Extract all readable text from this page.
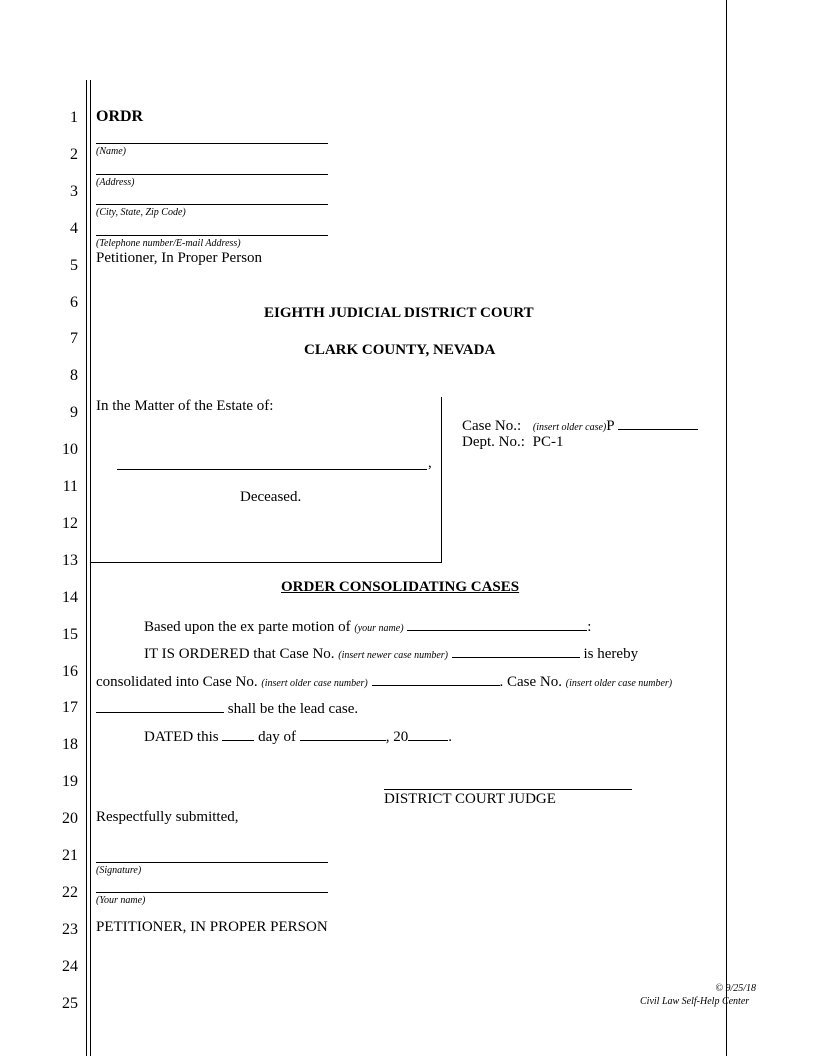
1
2
3
4
5
6
7
8
9
10
11
12
13
14
15
16
17
18
19
20
21
22
23
24
25
ORDR
(Name)
(Address)
(City, State, Zip Code)
(Telephone number/E-mail Address)
Petitioner, In Proper Person
EIGHTH JUDICIAL DISTRICT COURT
CLARK COUNTY, NEVADA
In the Matter of the Estate of:
,
Deceased.
Case No.: (insert older case)P
Dept. No.: PC-1
ORDER CONSOLIDATING CASES
Based upon the ex parte motion of (your name)	:
IT IS ORDERED that Case No. (insert newer case number)	is hereby
consolidated into Case No. (insert older case number)	. Case No. (insert older case number)
shall be the lead case.
DATED this	day of	, 20	.
DISTRICT COURT JUDGE
Respectfully submitted,
(Signature)
(Your name)
PETITIONER, IN PROPER PERSON
© 9/25/18
Civil Law Self-Help Center
